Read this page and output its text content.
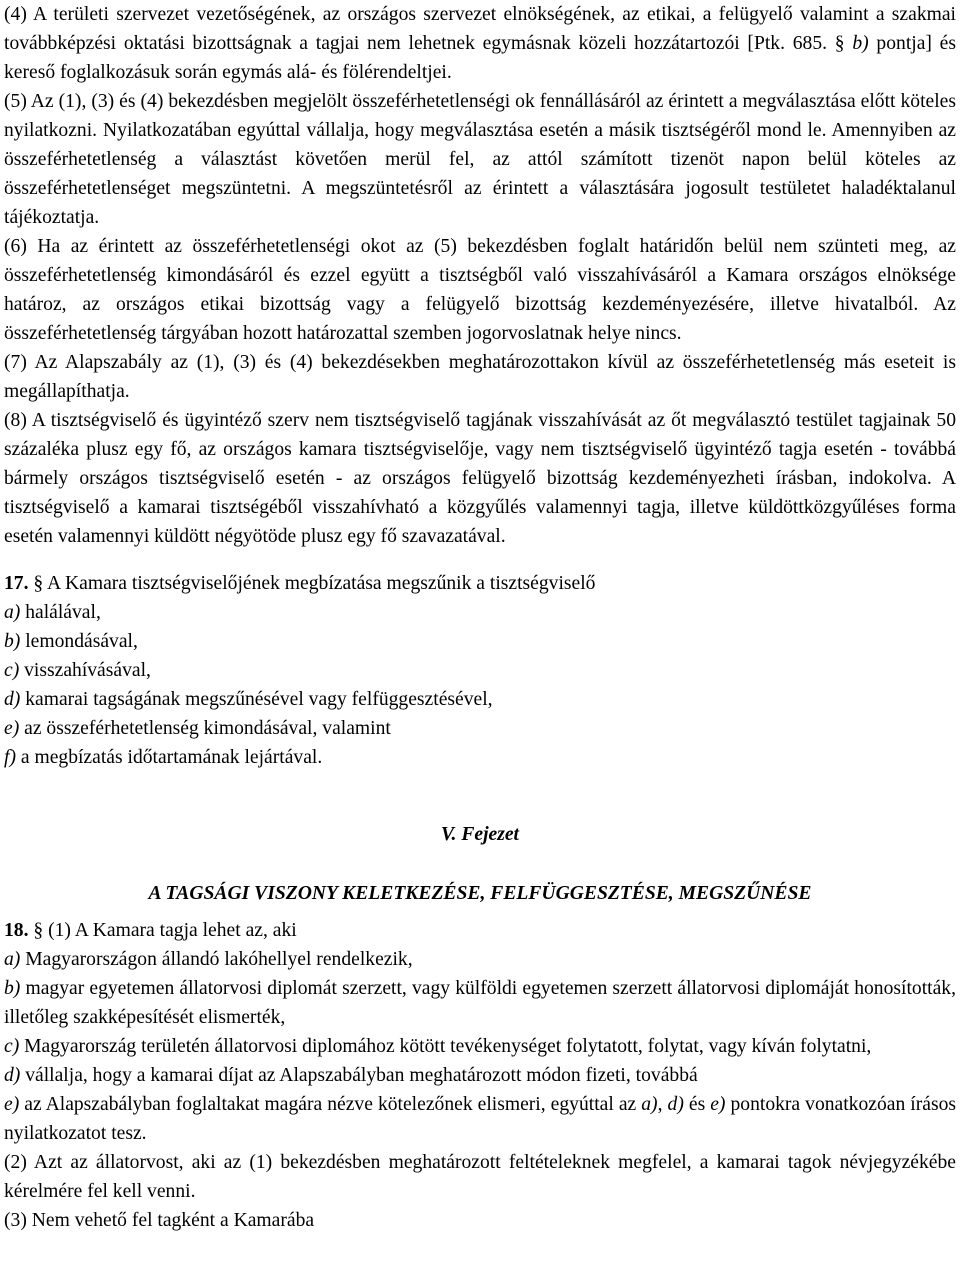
(4) A területi szervezet vezetőségének, az országos szervezet elnökségének, az etikai, a felügyelő valamint a szakmai továbbképzési oktatási bizottságnak a tagjai nem lehetnek egymásnak közeli hozzátartozói [Ptk. 685. § b) pontja] és kereső foglalkozásuk során egymás alá- és fölérendeltjei.

(5) Az (1), (3) és (4) bekezdésben megjelölt összeférhetetlenségi ok fennállásáról az érintett a megválasztása előtt köteles nyilatkozni. Nyilatkozatában egyúttal vállalja, hogy megválasztása esetén a másik tisztségéről mond le. Amennyiben az összeférhetetlenség a választást követően merül fel, az attól számított tizenöt napon belül köteles az összeférhetetlenséget megszüntetni. A megszüntetésről az érintett a választására jogosult testületet haladéktalanul tájékoztatja.

(6) Ha az érintett az összeférhetetlenségi okot az (5) bekezdésben foglalt határidőn belül nem szünteti meg, az összeférhetetlenség kimondásáról és ezzel együtt a tisztségből való visszahívásáról a Kamara országos elnöksége határoz, az országos etikai bizottság vagy a felügyelő bizottság kezdeményezésére, illetve hivatalból. Az összeférhetetlenség tárgyában hozott határozattal szemben jogorvoslatnak helye nincs.

(7) Az Alapszabály az (1), (3) és (4) bekezdésekben meghatározottakon kívül az összeférhetetlenség más eseteit is megállapíthatja.

(8) A tisztségviselő és ügyintéző szerv nem tisztségviselő tagjának visszahívását az őt megválasztó testület tagjainak 50 százaléka plusz egy fő, az országos kamara tisztségviselője, vagy nem tisztségviselő ügyintéző tagja esetén - továbbá bármely országos tisztségviselő esetén - az országos felügyelő bizottság kezdeményezheti írásban, indokolva. A tisztségviselő a kamarai tisztségéből visszahívható a közgyűlés valamennyi tagja, illetve küldöttközgyűléses forma esetén valamennyi küldött négyötöde plusz egy fő szavazatával.

17. § A Kamara tisztségviselőjének megbízatása megszűnik a tisztségviselő

a) halálával,

b) lemondásával,

c) visszahívásával,

d) kamarai tagságának megszűnésével vagy felfüggesztésével,

e) az összeférhetetlenség kimondásával, valamint

f) a megbízatás időtartamának lejártával.

V. Fejezet

A TAGSÁGI VISZONY KELETKEZÉSE, FELFÜGGESZTÉSE, MEGSZŰNÉSE

18. § (1) A Kamara tagja lehet az, aki

a) Magyarországon állandó lakóhellyel rendelkezik,

b) magyar egyetemen állatorvosi diplomát szerzett, vagy külföldi egyetemen szerzett állatorvosi diplomáját honosították, illetőleg szakképesítését elismerték,

c) Magyarország területén állatorvosi diplomához kötött tevékenységet folytatott, folytat, vagy kíván folytatni,

d) vállalja, hogy a kamarai díjat az Alapszabályban meghatározott módon fizeti, továbbá

e) az Alapszabályban foglaltakat magára nézve kötelezőnek elismeri, egyúttal az a), d) és e) pontokra vonatkozóan írásos nyilatkozatot tesz.

(2) Azt az állatorvost, aki az (1) bekezdésben meghatározott feltételeknek megfelel, a kamarai tagok névjegyzékébe kérelmére fel kell venni.

(3) Nem vehető fel tagként a Kamarába
